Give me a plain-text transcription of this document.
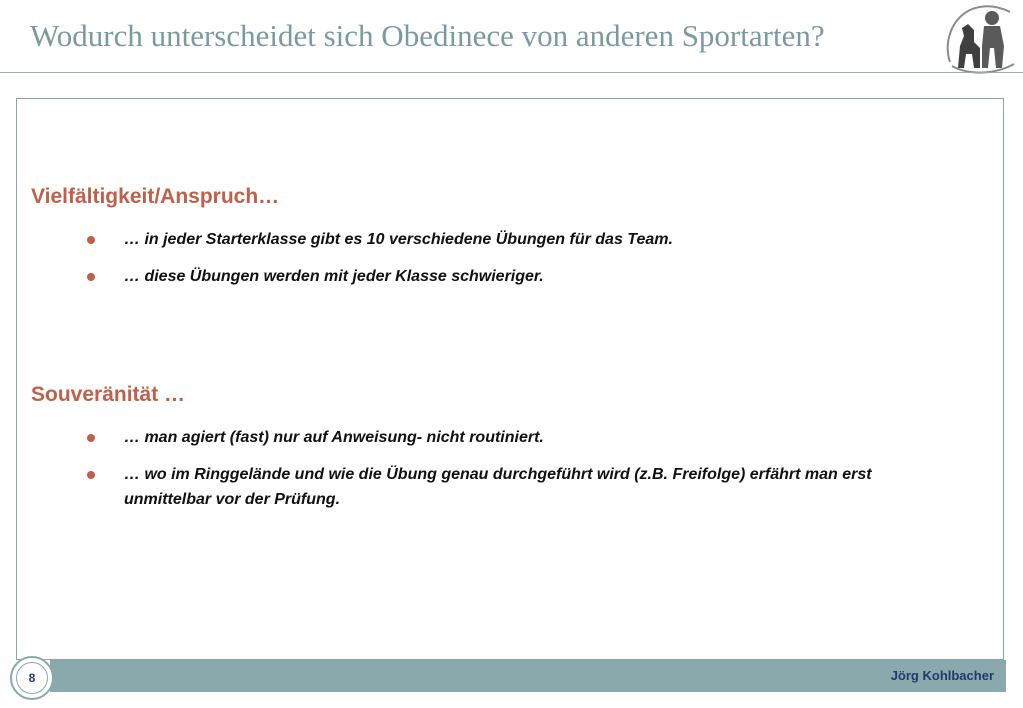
Wodurch unterscheidet sich Obedinece von anderen Sportarten?
Vielfältigkeit/Anspruch…
… in jeder Starterklasse gibt es 10 verschiedene Übungen für das Team.
… diese Übungen werden mit jeder Klasse schwieriger.
Souveränität …
… man agiert (fast) nur auf Anweisung- nicht routiniert.
… wo im Ringgelände und wie die Übung genau durchgeführt wird (z.B. Freifolge) erfährt man erst unmittelbar vor der Prüfung.
Jörg Kohlbacher
8
